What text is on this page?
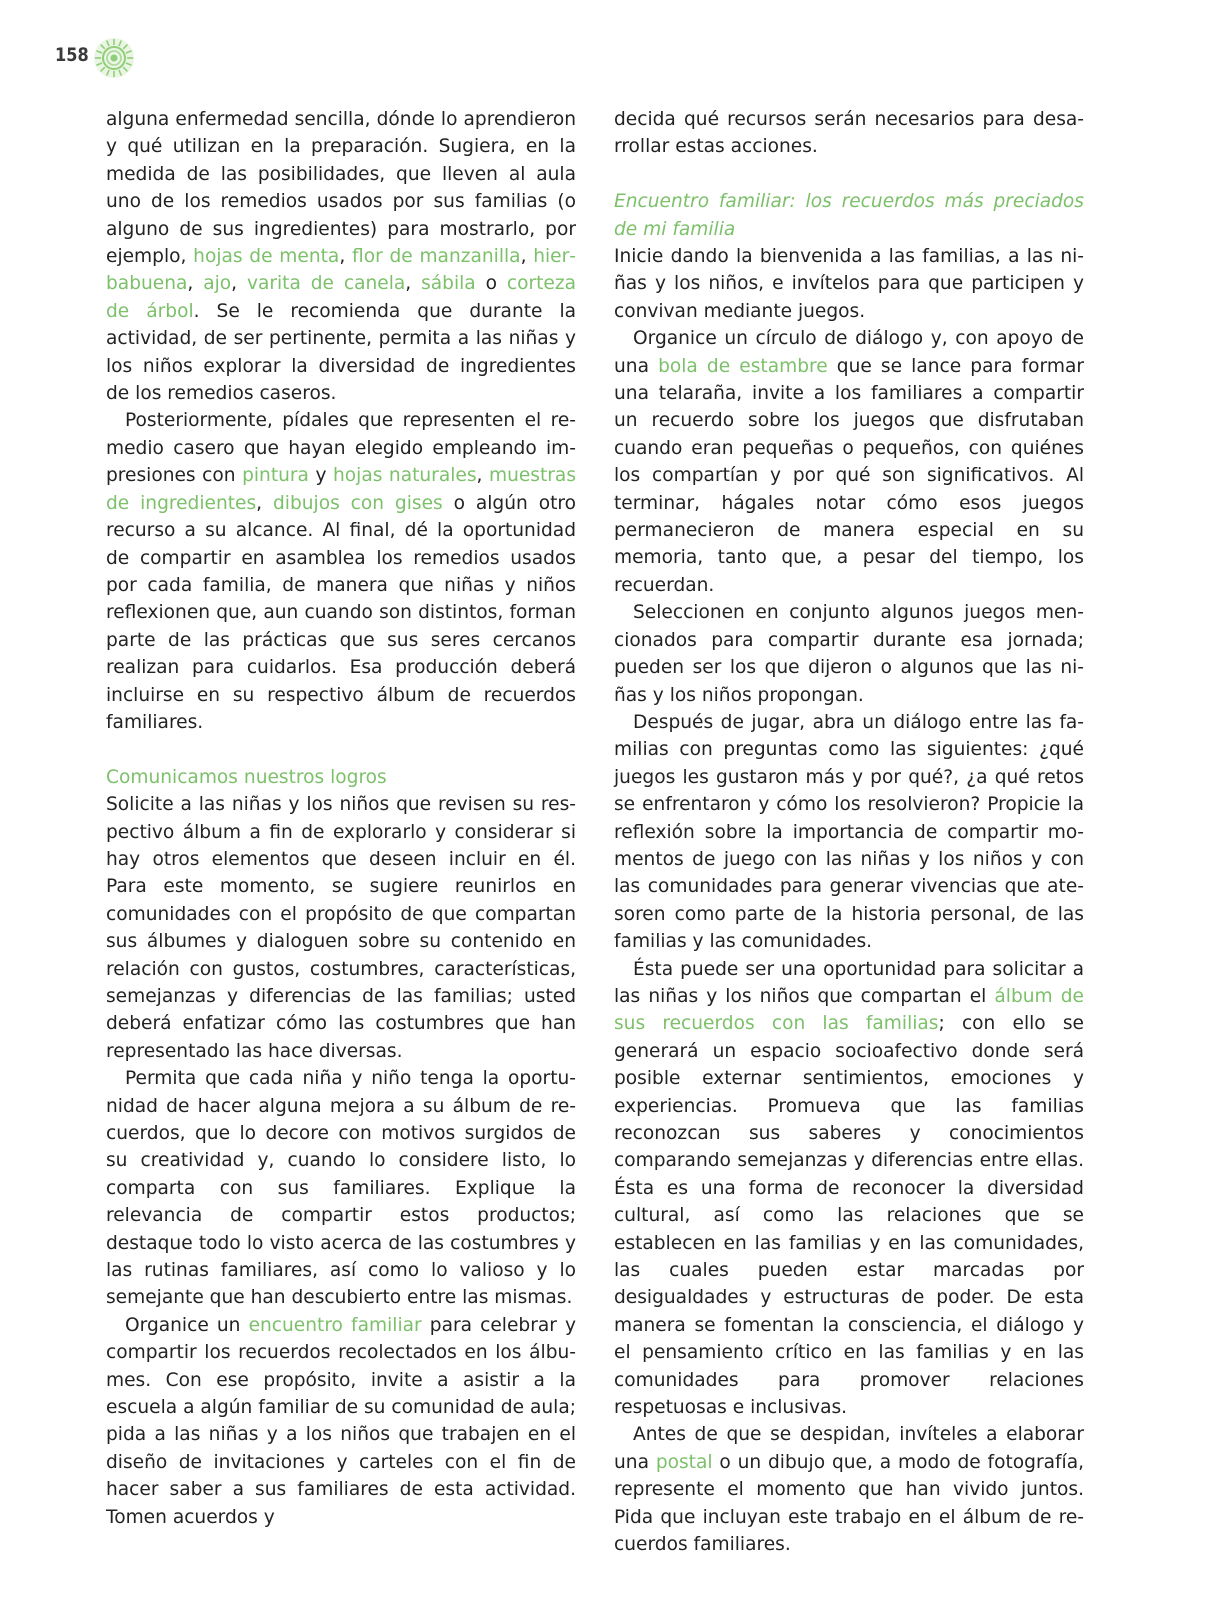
158

alguna enfermedad sencilla, dónde lo aprendieron y qué utilizan en la preparación. Sugiera, en la medida de las posibilidades, que lleven al aula uno de los remedios usados por sus familias (o alguno de sus ingredientes) para mostrarlo, por ejemplo, hojas de menta, flor de manzanilla, hierbabuena, ajo, varita de canela, sábila o corteza de árbol. Se le recomienda que durante la actividad, de ser pertinente, permita a las niñas y los niños explorar la diversidad de ingredientes de los remedios caseros.

Posteriormente, pídales que representen el remedio casero que hayan elegido empleando impresiones con pintura y hojas naturales, muestras de ingredientes, dibujos con gises o algún otro recurso a su alcance. Al final, dé la oportunidad de compartir en asamblea los remedios usados por cada familia, de manera que niñas y niños reflexionen que, aun cuando son distintos, forman parte de las prácticas que sus seres cercanos realizan para cuidarlos. Esa producción deberá incluirse en su respectivo álbum de recuerdos familiares.

Comunicamos nuestros logros

Solicite a las niñas y los niños que revisen su respectivo álbum a fin de explorarlo y considerar si hay otros elementos que deseen incluir en él. Para este momento, se sugiere reunirlos en comunidades con el propósito de que compartan sus álbumes y dialoguen sobre su contenido en relación con gustos, costumbres, características, semejanzas y diferencias de las familias; usted deberá enfatizar cómo las costumbres que han representado las hace diversas.

Permita que cada niña y niño tenga la oportunidad de hacer alguna mejora a su álbum de recuerdos, que lo decore con motivos surgidos de su creatividad y, cuando lo considere listo, lo comparta con sus familiares. Explique la relevancia de compartir estos productos; destaque todo lo visto acerca de las costumbres y las rutinas familiares, así como lo valioso y lo semejante que han descubierto entre las mismas.

Organice un encuentro familiar para celebrar y compartir los recuerdos recolectados en los álbumes. Con ese propósito, invite a asistir a la escuela a algún familiar de su comunidad de aula; pida a las niñas y a los niños que trabajen en el diseño de invitaciones y carteles con el fin de hacer saber a sus familiares de esta actividad. Tomen acuerdos y

decida qué recursos serán necesarios para desarrollar estas acciones.

Encuentro familiar: los recuerdos más preciados de mi familia

Inicie dando la bienvenida a las familias, a las niñas y los niños, e invítelos para que participen y convivan mediante juegos.

Organice un círculo de diálogo y, con apoyo de una bola de estambre que se lance para formar una telaraña, invite a los familiares a compartir un recuerdo sobre los juegos que disfrutaban cuando eran pequeñas o pequeños, con quiénes los compartían y por qué son significativos. Al terminar, hágales notar cómo esos juegos permanecieron de manera especial en su memoria, tanto que, a pesar del tiempo, los recuerdan.

Seleccionen en conjunto algunos juegos mencionados para compartir durante esa jornada; pueden ser los que dijeron o algunos que las niñas y los niños propongan.

Después de jugar, abra un diálogo entre las familias con preguntas como las siguientes: ¿qué juegos les gustaron más y por qué?, ¿a qué retos se enfrentaron y cómo los resolvieron? Propicie la reflexión sobre la importancia de compartir momentos de juego con las niñas y los niños y con las comunidades para generar vivencias que atesoren como parte de la historia personal, de las familias y las comunidades.

Ésta puede ser una oportunidad para solicitar a las niñas y los niños que compartan el álbum de sus recuerdos con las familias; con ello se generará un espacio socioafectivo donde será posible externar sentimientos, emociones y experiencias. Promueva que las familias reconozcan sus saberes y conocimientos comparando semejanzas y diferencias entre ellas. Ésta es una forma de reconocer la diversidad cultural, así como las relaciones que se establecen en las familias y en las comunidades, las cuales pueden estar marcadas por desigualdades y estructuras de poder. De esta manera se fomentan la consciencia, el diálogo y el pensamiento crítico en las familias y en las comunidades para promover relaciones respetuosas e inclusivas.

Antes de que se despidan, invíteles a elaborar una postal o un dibujo que, a modo de fotografía, represente el momento que han vivido juntos. Pida que incluyan este trabajo en el álbum de recuerdos familiares.
